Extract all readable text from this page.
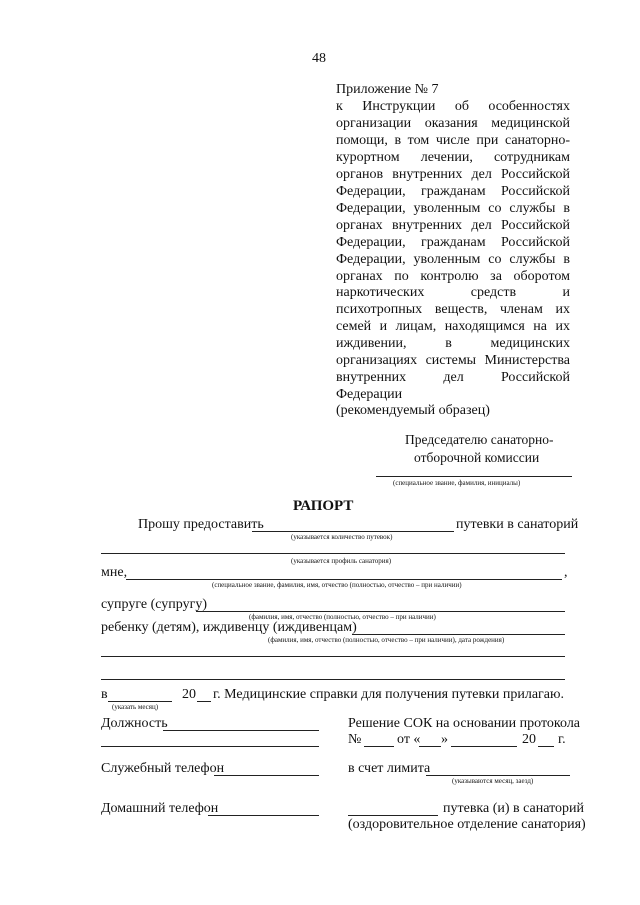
48
Приложение № 7
к Инструкции об особенностях
организации оказания медицинской
помощи, в том числе при санаторно-
курортном лечении, сотрудникам
органов внутренних дел Российской
Федерации, гражданам Российской
Федерации, уволенным со службы в
органах внутренних дел Российской
Федерации, гражданам Российской
Федерации, уволенным со службы в
органах по контролю за оборотом
наркотических средств и
психотропных веществ, членам их
семей и лицам, находящимся на их
иждивении, в медицинских
организациях системы Министерства
внутренних дел Российской
Федерации
(рекомендуемый образец)
Председателю санаторно-
отборочной комиссии
(специальное звание, фамилия, инициалы)
РАПОРТ
Прошу предоставить	путевки в санаторий
(указывается количество путевок)
(указывается профиль санатория)
мне,	,
(специальное звание, фамилия, имя, отчество (полностью, отчество – при наличии)
супруге (супругу)
(фамилия, имя, отчество (полностью, отчество – при наличии)
ребенку (детям), иждивенцу (иждивенцам)
(фамилия, имя, отчество (полностью, отчество – при наличии), дата рождения)
в	20 г. Медицинские справки для получения путевки прилагаю.
(указать месяц)
Должность	Решение СОК на основании протокола
№	от « »	20 г.
Служебный телефон	в счет лимита
(указываются месяц, заезд)
Домашний телефон	путевка (и) в санаторий
(оздоровительное отделение санатория)
